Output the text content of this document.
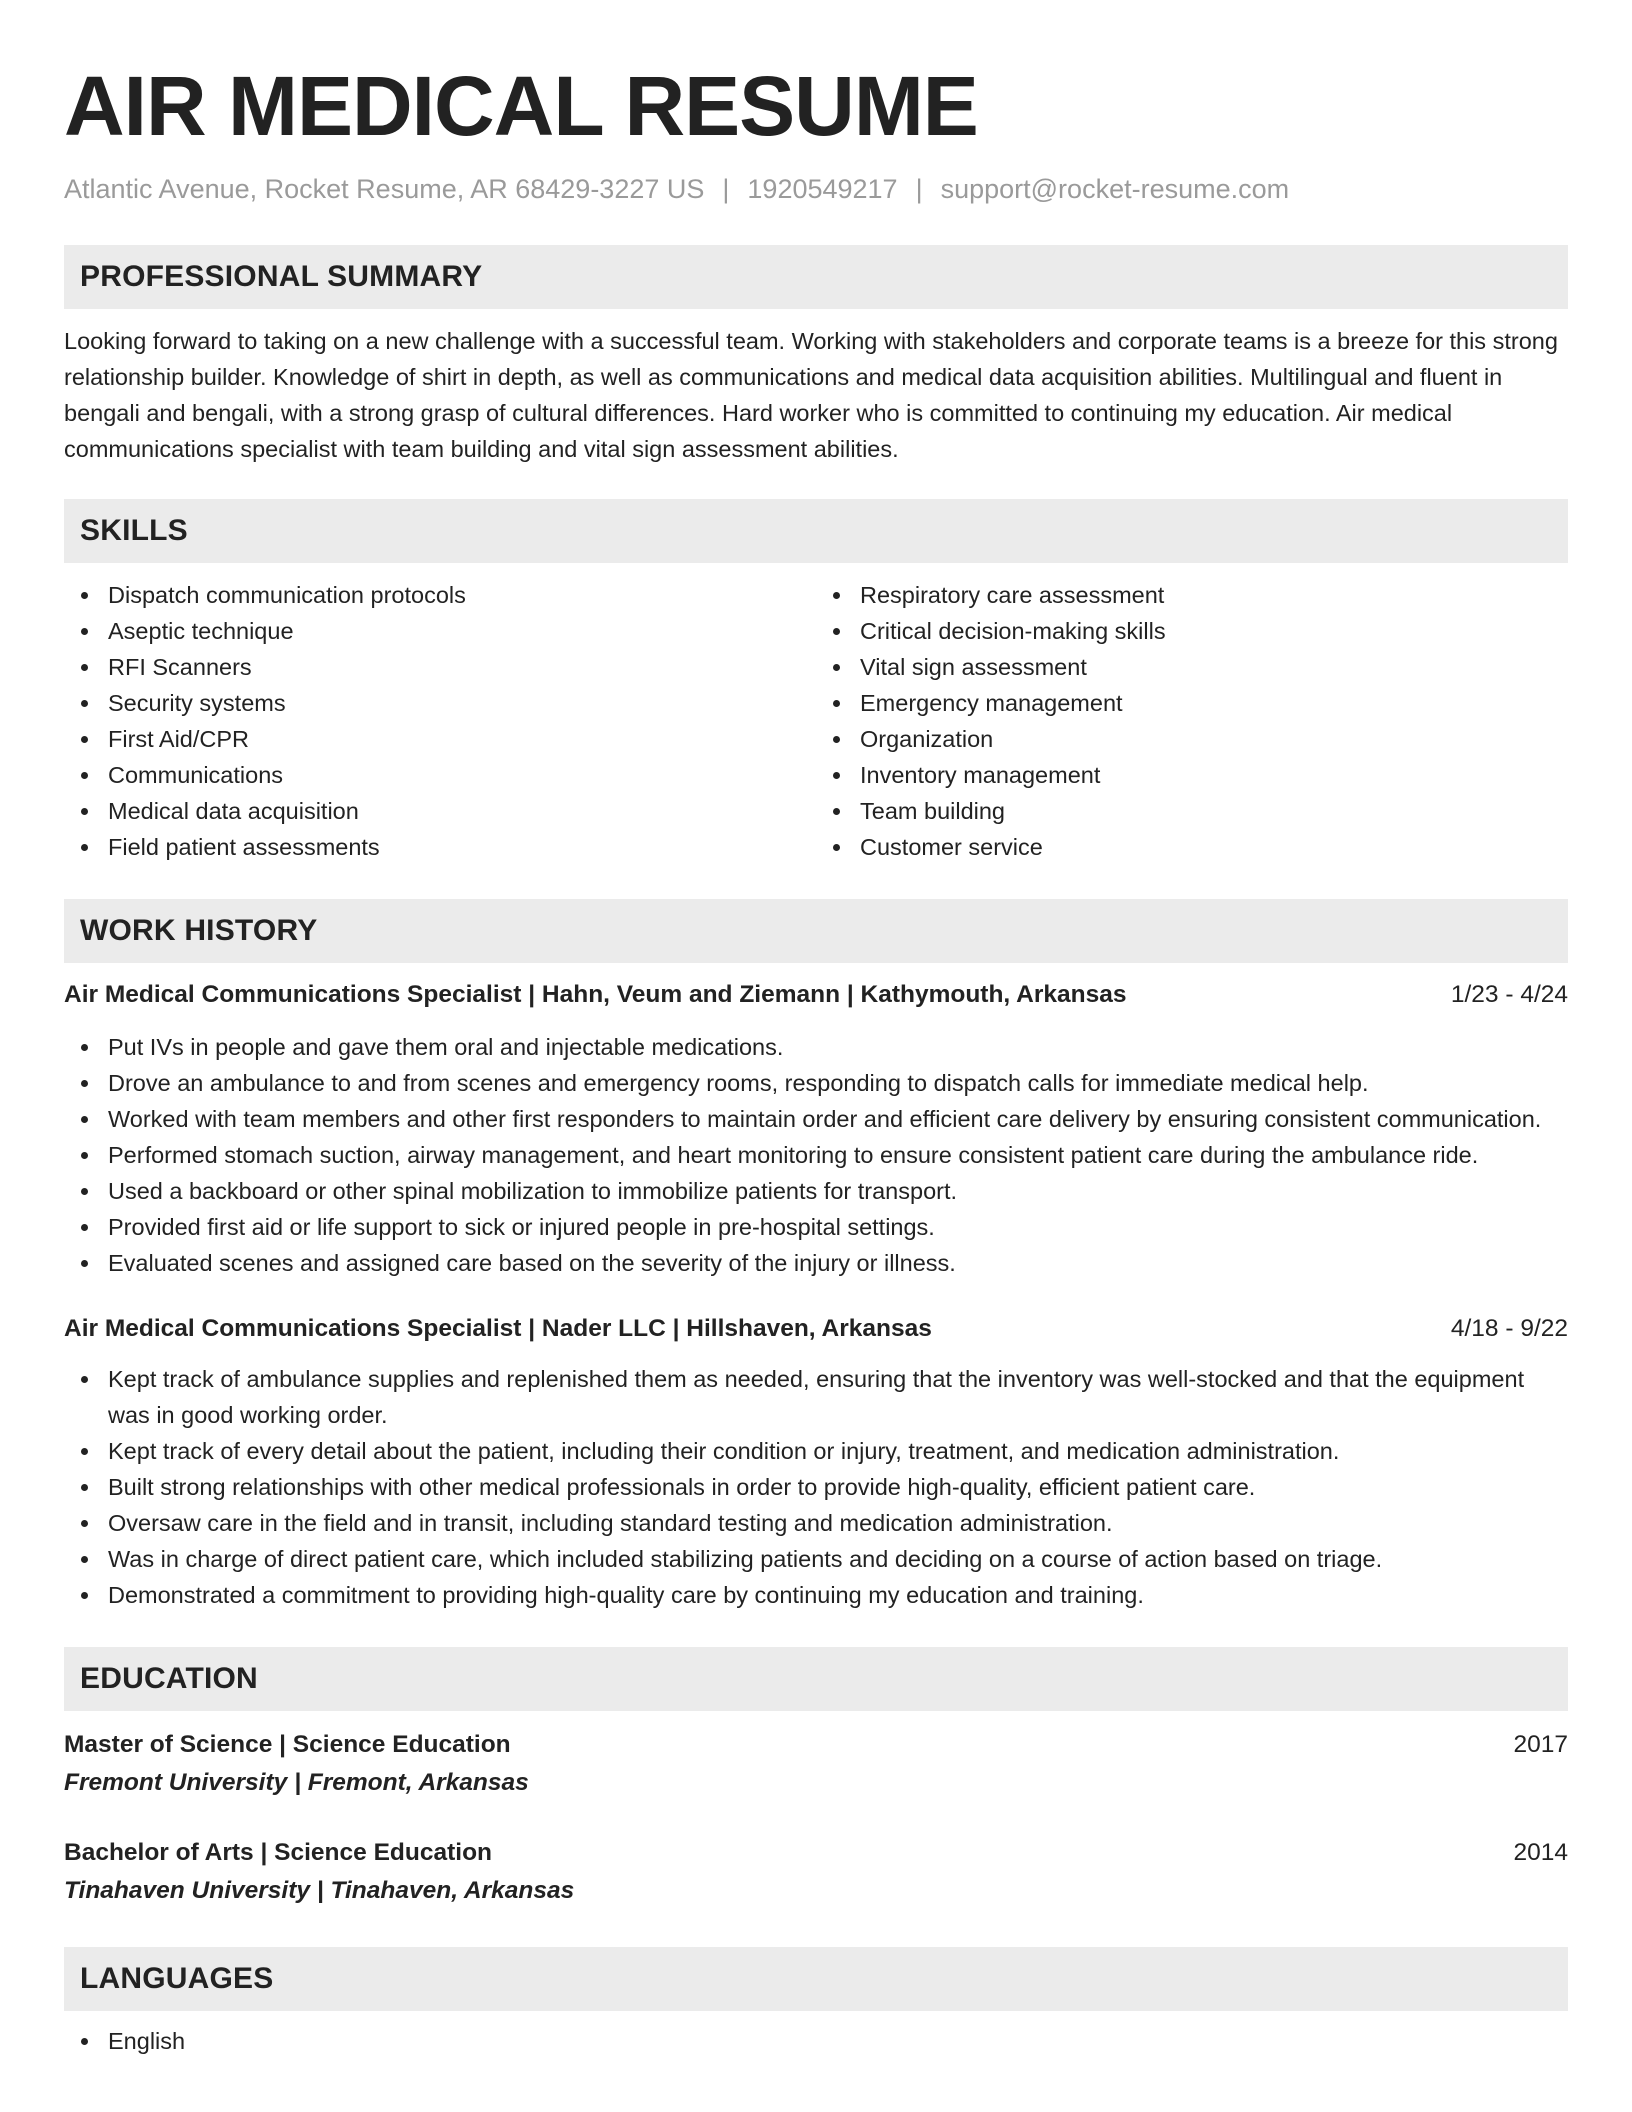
AIR MEDICAL RESUME
Atlantic Avenue, Rocket Resume, AR 68429-3227 US | 1920549217 | support@rocket-resume.com
PROFESSIONAL SUMMARY

Looking forward to taking on a new challenge with a successful team. Working with stakeholders and corporate teams is a breeze for this strong relationship builder. Knowledge of shirt in depth, as well as communications and medical data acquisition abilities. Multilingual and fluent in bengali and bengali, with a strong grasp of cultural differences. Hard worker who is committed to continuing my education. Air medical communications specialist with team building and vital sign assessment abilities.

SKILLS
Dispatch communication protocols
Aseptic technique
RFI Scanners
Security systems
First Aid/CPR
Communications
Medical data acquisition
Field patient assessments
Respiratory care assessment
Critical decision-making skills
Vital sign assessment
Emergency management
Organization
Inventory management
Team building
Customer service
WORK HISTORY
Air Medical Communications Specialist | Hahn, Veum and Ziemann | Kathymouth, Arkansas	1/23 - 4/24
Put IVs in people and gave them oral and injectable medications.
Drove an ambulance to and from scenes and emergency rooms, responding to dispatch calls for immediate medical help.
Worked with team members and other first responders to maintain order and efficient care delivery by ensuring consistent communication.
Performed stomach suction, airway management, and heart monitoring to ensure consistent patient care during the ambulance ride.
Used a backboard or other spinal mobilization to immobilize patients for transport.
Provided first aid or life support to sick or injured people in pre-hospital settings.
Evaluated scenes and assigned care based on the severity of the injury or illness.
Air Medical Communications Specialist | Nader LLC | Hillshaven, Arkansas	4/18 - 9/22
Kept track of ambulance supplies and replenished them as needed, ensuring that the inventory was well-stocked and that the equipment was in good working order.
Kept track of every detail about the patient, including their condition or injury, treatment, and medication administration.
Built strong relationships with other medical professionals in order to provide high-quality, efficient patient care.
Oversaw care in the field and in transit, including standard testing and medication administration.
Was in charge of direct patient care, which included stabilizing patients and deciding on a course of action based on triage.
Demonstrated a commitment to providing high-quality care by continuing my education and training.
EDUCATION
Master of Science | Science Education	2017
Fremont University | Fremont, Arkansas
Bachelor of Arts | Science Education	2014
Tinahaven University | Tinahaven, Arkansas
LANGUAGES
English
